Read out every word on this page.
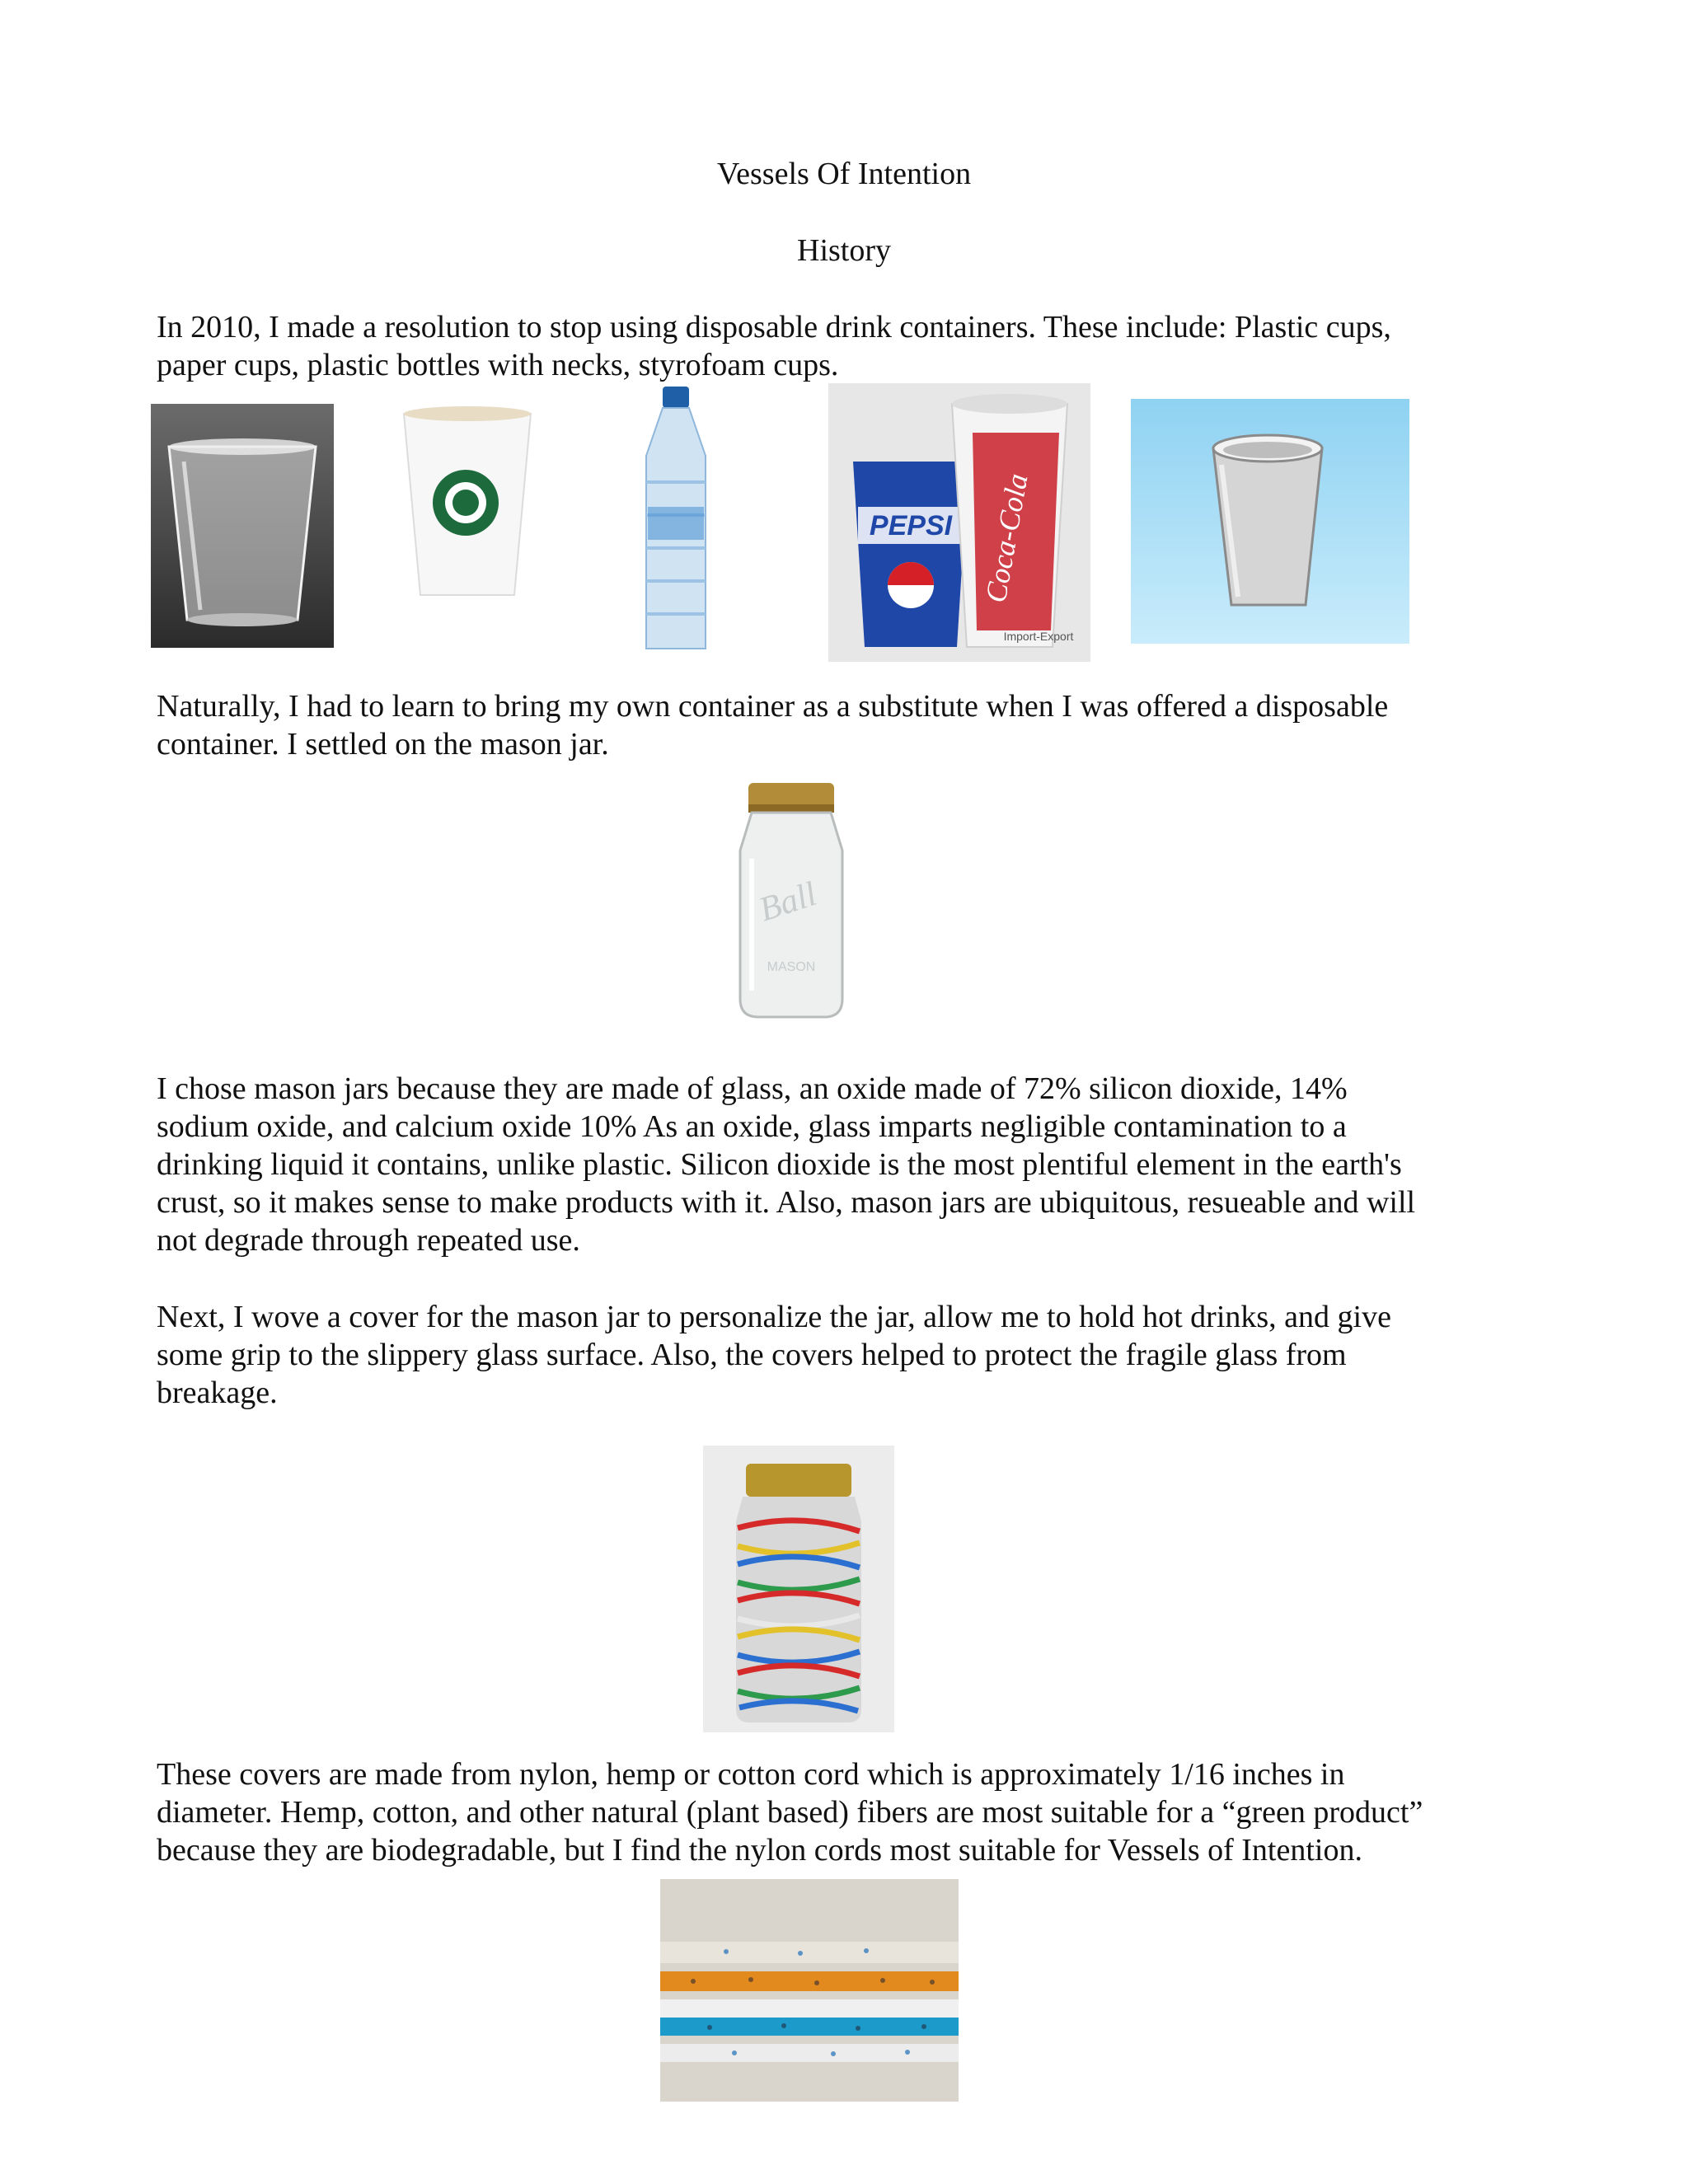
Vessels Of Intention
History

In 2010, I made a resolution to stop using disposable drink containers. These include: Plastic cups,
paper cups, plastic bottles with necks, styrofoam cups.

PEPSI Coca-Cola
Import-Export

Naturally, I had to learn to bring my own container as a substitute when I was offered a disposable
container. I settled on the mason jar.

Ball
MASON

I chose mason jars because they are made of glass, an oxide made of 72% silicon dioxide, 14%
sodium oxide, and calcium oxide 10% As an oxide, glass imparts negligible contamination to a
drinking liquid it contains, unlike plastic. Silicon dioxide is the most plentiful element in the earth's
crust, so it makes sense to make products with it. Also, mason jars are ubiquitous, resueable and will
not degrade through repeated use.

Next, I wove a cover for the mason jar to personalize the jar, allow me to hold hot drinks, and give
some grip to the slippery glass surface. Also, the covers helped to protect the fragile glass from
breakage.

These covers are made from nylon, hemp or cotton cord which is approximately 1/16 inches in
diameter. Hemp, cotton, and other natural (plant based) fibers are most suitable for a “green product”
because they are biodegradable, but I find the nylon cords most suitable for Vessels of Intention.
